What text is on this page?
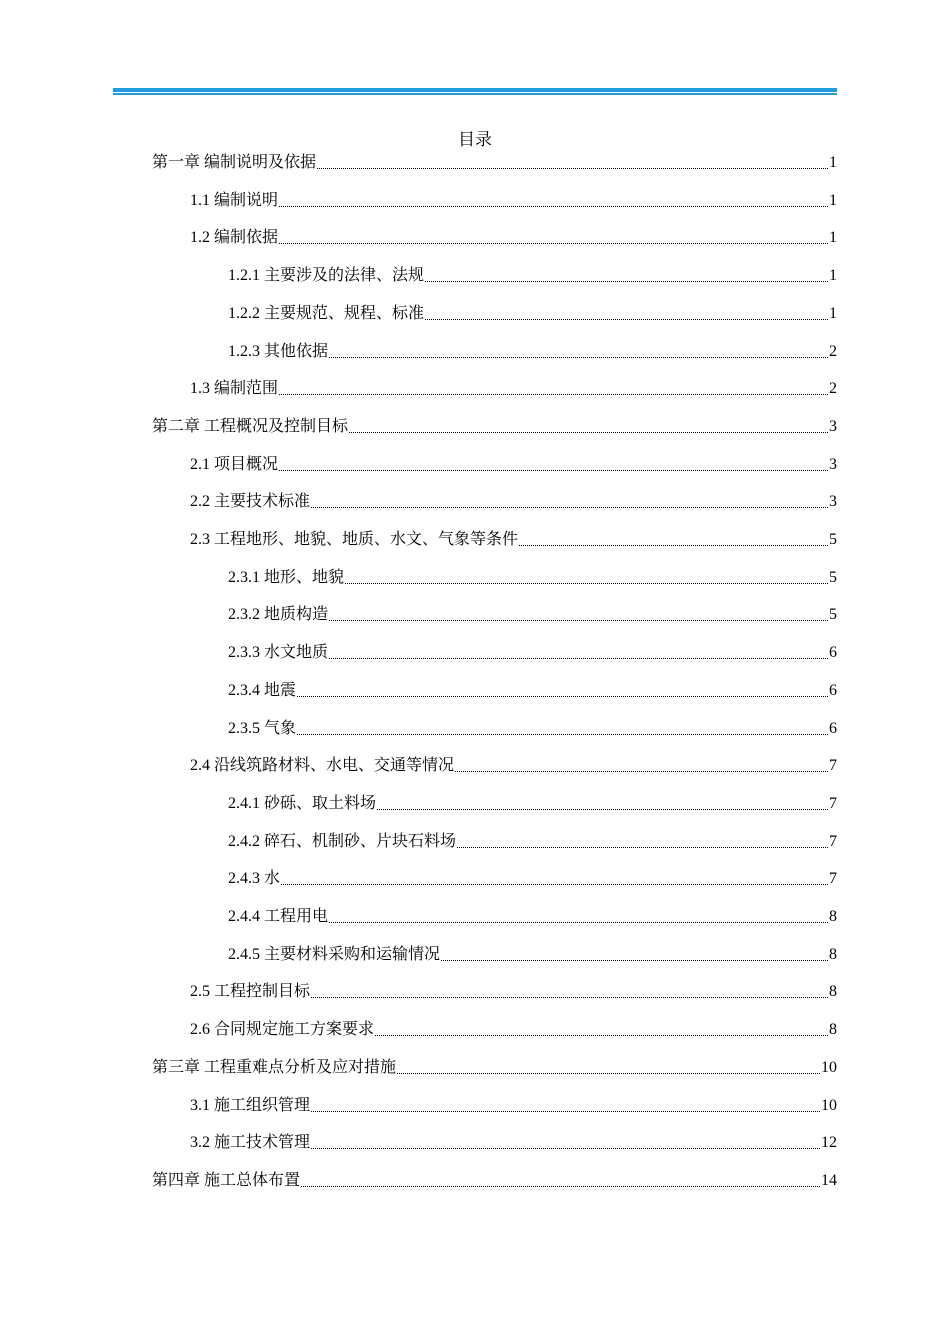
目录
第一章 编制说明及依据	1
1.1 编制说明	1
1.2 编制依据	1
1.2.1 主要涉及的法律、法规	1
1.2.2 主要规范、规程、标准	1
1.2.3 其他依据	2
1.3 编制范围	2
第二章 工程概况及控制目标	3
2.1 项目概况	3
2.2 主要技术标准	3
2.3 工程地形、地貌、地质、水文、气象等条件	5
2.3.1 地形、地貌	5
2.3.2 地质构造	5
2.3.3 水文地质	6
2.3.4 地震	6
2.3.5 气象	6
2.4 沿线筑路材料、水电、交通等情况	7
2.4.1 砂砾、取土料场	7
2.4.2 碎石、机制砂、片块石料场	7
2.4.3 水	7
2.4.4 工程用电	8
2.4.5 主要材料采购和运输情况	8
2.5 工程控制目标	8
2.6 合同规定施工方案要求	8
第三章 工程重难点分析及应对措施	10
3.1 施工组织管理	10
3.2 施工技术管理	12
第四章 施工总体布置	14
